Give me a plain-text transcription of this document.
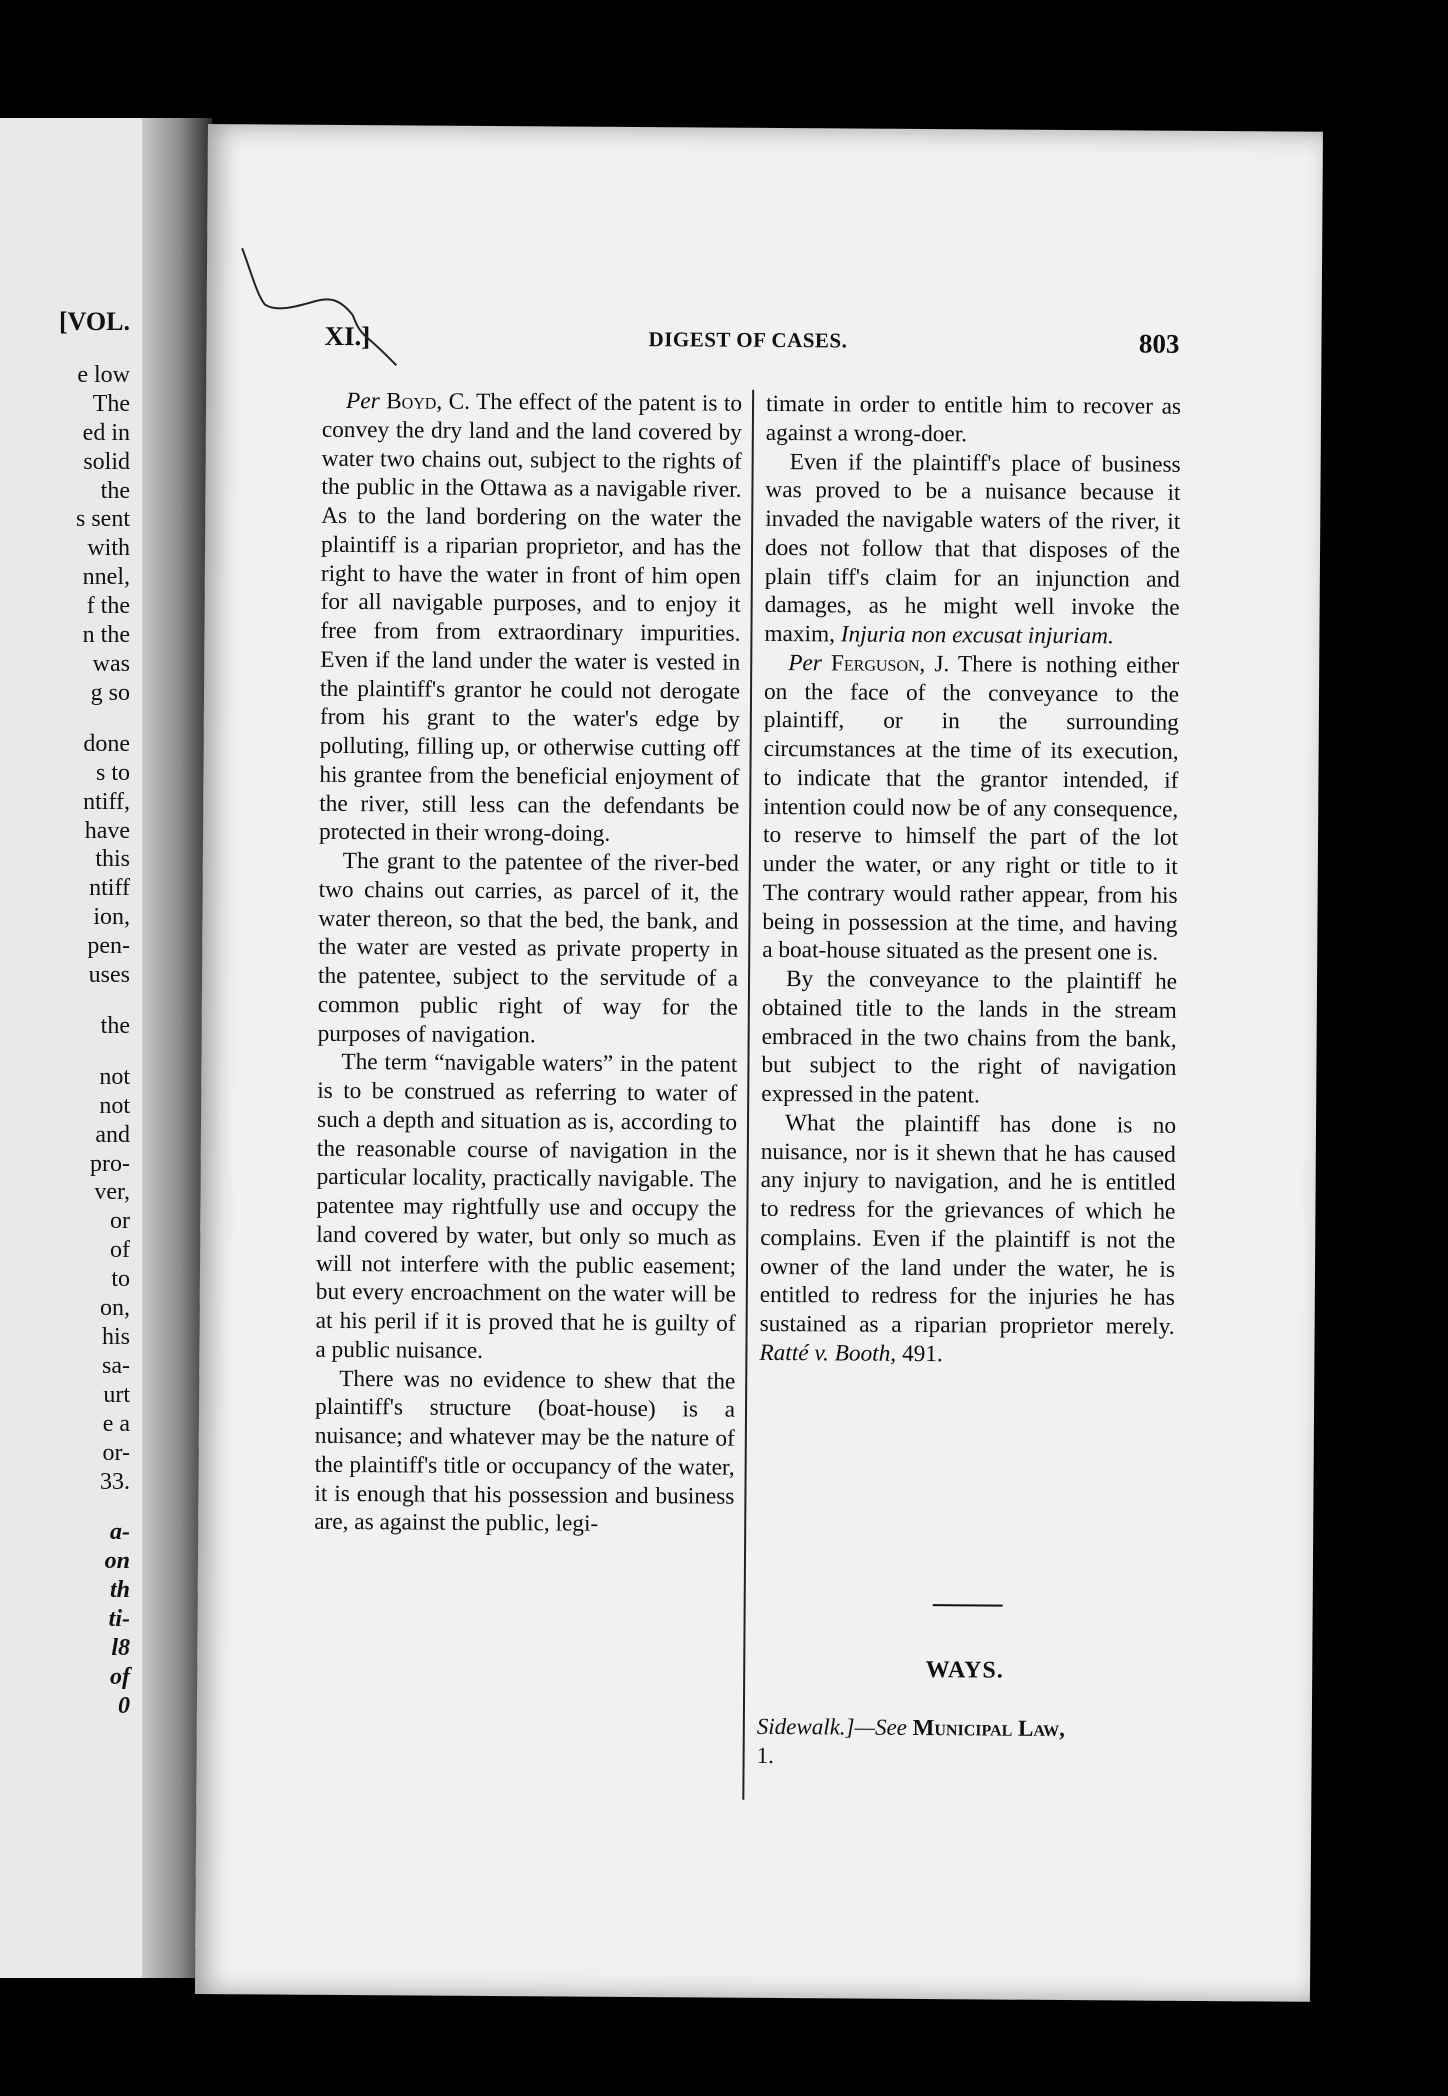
[VOL.
e low
The
ed in
solid
the
s sent
with
nnel,
f the
n the
was
g so
done
s to
ntiff,
have
this
ntiff
ion,
pen-
uses
the
not
not
and
pro-
ver,
or
of
to
on,
his
sa-
urt
e a
or-
33.
a-
on
th
ti-
l8
of
0
XI.]	DIGEST OF CASES.	803

Per Boyd, C. The effect of the patent is to convey the dry land and the land covered by water two chains out, subject to the rights of the public in the Ottawa as a navigable river. As to the land bordering on the water the plaintiff is a riparian proprietor, and has the right to have the water in front of him open for all navigable purposes, and to enjoy it free from from extraordinary impurities. Even if the land under the water is vested in the plaintiff's grantor he could not derogate from his grant to the water's edge by polluting, filling up, or otherwise cutting off his grantee from the beneficial enjoyment of the river, still less can the defendants be protected in their wrong-doing.

The grant to the patentee of the river-bed two chains out carries, as parcel of it, the water thereon, so that the bed, the bank, and the water are vested as private property in the patentee, subject to the servitude of a common public right of way for the purposes of navigation.

The term “navigable waters” in the patent is to be construed as referring to water of such a depth and situation as is, according to the reasonable course of navigation in the particular locality, practically navigable. The patentee may rightfully use and occupy the land covered by water, but only so much as will not interfere with the public easement; but every encroachment on the water will be at his peril if it is proved that he is guilty of a public nuisance.

There was no evidence to shew that the plaintiff's structure (boat-house) is a nuisance; and whatever may be the nature of the plaintiff's title or occupancy of the water, it is enough that his possession and business are, as against the public, legi-

timate in order to entitle him to recover as against a wrong-doer.

Even if the plaintiff's place of business was proved to be a nuisance because it invaded the navigable waters of the river, it does not follow that that disposes of the plain tiff's claim for an injunction and damages, as he might well invoke the maxim, Injuria non excusat injuriam.

Per Ferguson, J. There is nothing either on the face of the conveyance to the plaintiff, or in the surrounding circumstances at the time of its execution, to indicate that the grantor intended, if intention could now be of any consequence, to reserve to himself the part of the lot under the water, or any right or title to it The contrary would rather appear, from his being in possession at the time, and having a boat-house situated as the present one is.

By the conveyance to the plaintiff he obtained title to the lands in the stream embraced in the two chains from the bank, but subject to the right of navigation expressed in the patent.

What the plaintiff has done is no nuisance, nor is it shewn that he has caused any injury to navigation, and he is entitled to redress for the grievances of which he complains. Even if the plaintiff is not the owner of the land under the water, he is entitled to redress for the injuries he has sustained as a riparian proprietor merely. Ratté v. Booth, 491.

WAYS.
Sidewalk.]—See Municipal Law,
1.
